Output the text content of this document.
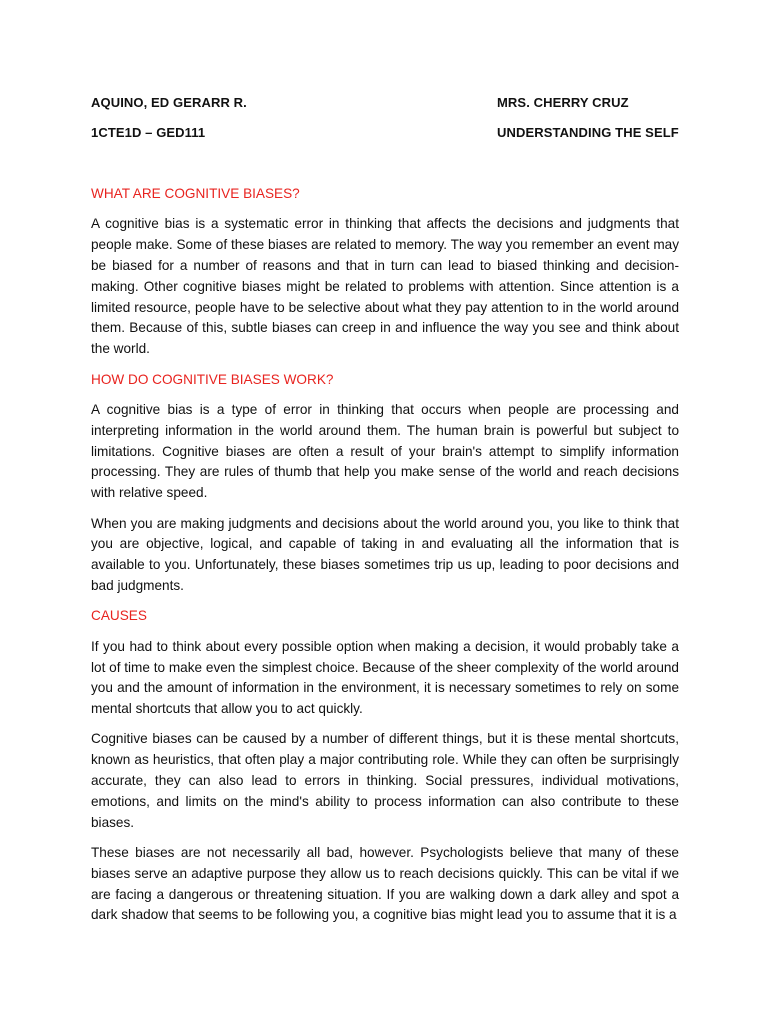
AQUINO, ED GERARR R.	MRS. CHERRY CRUZ
1CTE1D – GED111	UNDERSTANDING THE SELF
WHAT ARE COGNITIVE BIASES?

A cognitive bias is a systematic error in thinking that affects the decisions and judgments that people make. Some of these biases are related to memory. The way you remember an event may be biased for a number of reasons and that in turn can lead to biased thinking and decision-making. Other cognitive biases might be related to problems with attention. Since attention is a limited resource, people have to be selective about what they pay attention to in the world around them. Because of this, subtle biases can creep in and influence the way you see and think about the world.

HOW DO COGNITIVE BIASES WORK?

A cognitive bias is a type of error in thinking that occurs when people are processing and interpreting information in the world around them. The human brain is powerful but subject to limitations. Cognitive biases are often a result of your brain's attempt to simplify information processing. They are rules of thumb that help you make sense of the world and reach decisions with relative speed.

When you are making judgments and decisions about the world around you, you like to think that you are objective, logical, and capable of taking in and evaluating all the information that is available to you. Unfortunately, these biases sometimes trip us up, leading to poor decisions and bad judgments.

CAUSES

If you had to think about every possible option when making a decision, it would probably take a lot of time to make even the simplest choice. Because of the sheer complexity of the world around you and the amount of information in the environment, it is necessary sometimes to rely on some mental shortcuts that allow you to act quickly.

Cognitive biases can be caused by a number of different things, but it is these mental shortcuts, known as heuristics, that often play a major contributing role. While they can often be surprisingly accurate, they can also lead to errors in thinking. Social pressures, individual motivations, emotions, and limits on the mind's ability to process information can also contribute to these biases.

These biases are not necessarily all bad, however. Psychologists believe that many of these biases serve an adaptive purpose they allow us to reach decisions quickly. This can be vital if we are facing a dangerous or threatening situation. If you are walking down a dark alley and spot a dark shadow that seems to be following you, a cognitive bias might lead you to assume that it is a
